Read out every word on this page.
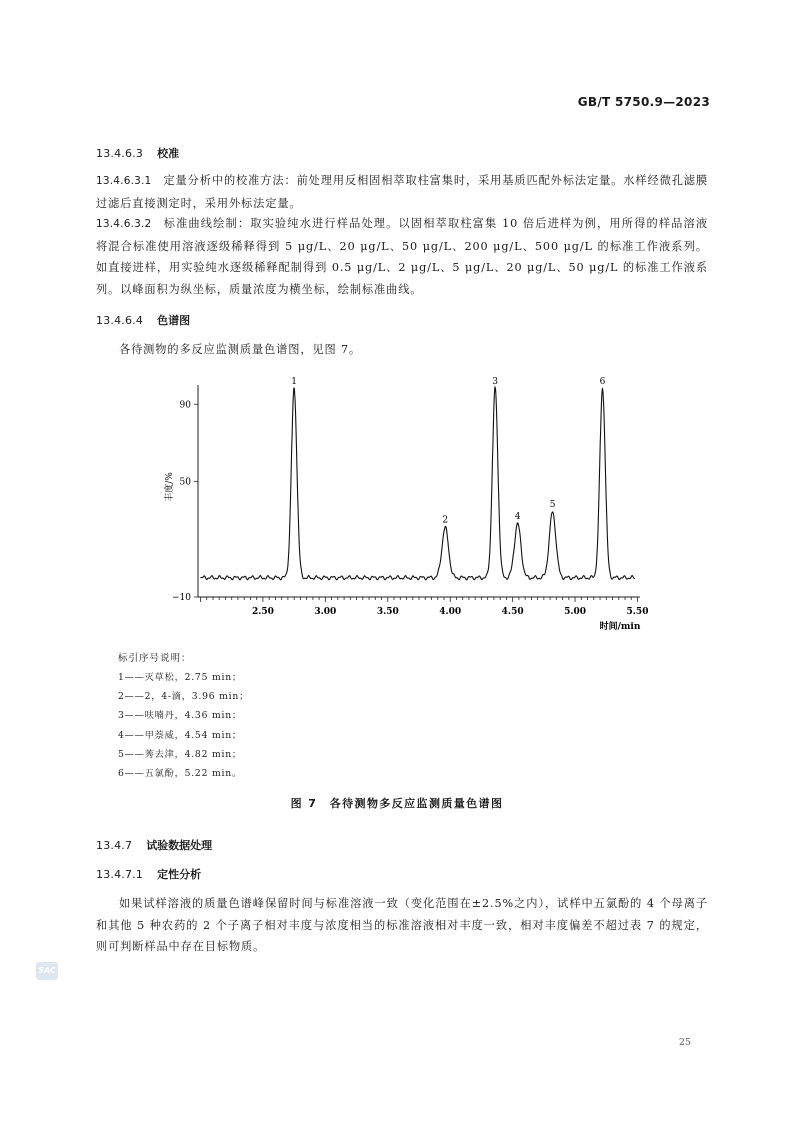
GB/T 5750.9—2023
13.4.6.3 校准
13.4.6.3.1 定量分析中的校准方法：前处理用反相固相萃取柱富集时，采用基质匹配外标法定量。水样经微孔滤膜过滤后直接测定时，采用外标法定量。
13.4.6.3.2 标准曲线绘制：取实验纯水进行样品处理。以固相萃取柱富集 10 倍后进样为例，用所得的样品溶液将混合标准使用溶液逐级稀释得到 5 μg/L、20 μg/L、50 μg/L、200 μg/L、500 μg/L 的标准工作液系列。如直接进样，用实验纯水逐级稀释配制得到 0.5 μg/L、2 μg/L、5 μg/L、20 μg/L、50 μg/L 的标准工作液系列。以峰面积为纵坐标，质量浓度为横坐标，绘制标准曲线。
13.4.6.4 色谱图
各待测物的多反应监测质量色谱图，见图 7。
2.50	3.00	3.50	4.00	4.50	5.00	5.50
90
50
−10
1
2
3
4
5
6
丰度/%
时间/min
标引序号说明：
1——灭草松，2.75 min；
2——2，4-滴，3.96 min；
3——呋喃丹，4.36 min；
4——甲萘威，4.54 min；
5——莠去津，4.82 min；
6——五氯酚，5.22 min。
图 7　各待测物多反应监测质量色谱图
13.4.7 试验数据处理
13.4.7.1 定性分析
如果试样溶液的质量色谱峰保留时间与标准溶液一致（变化范围在±2.5%之内），试样中五氯酚的 4 个母离子和其他 5 种农药的 2 个子离子相对丰度与浓度相当的标准溶液相对丰度一致，相对丰度偏差不超过表 7 的规定，则可判断样品中存在目标物质。
SAC
25
